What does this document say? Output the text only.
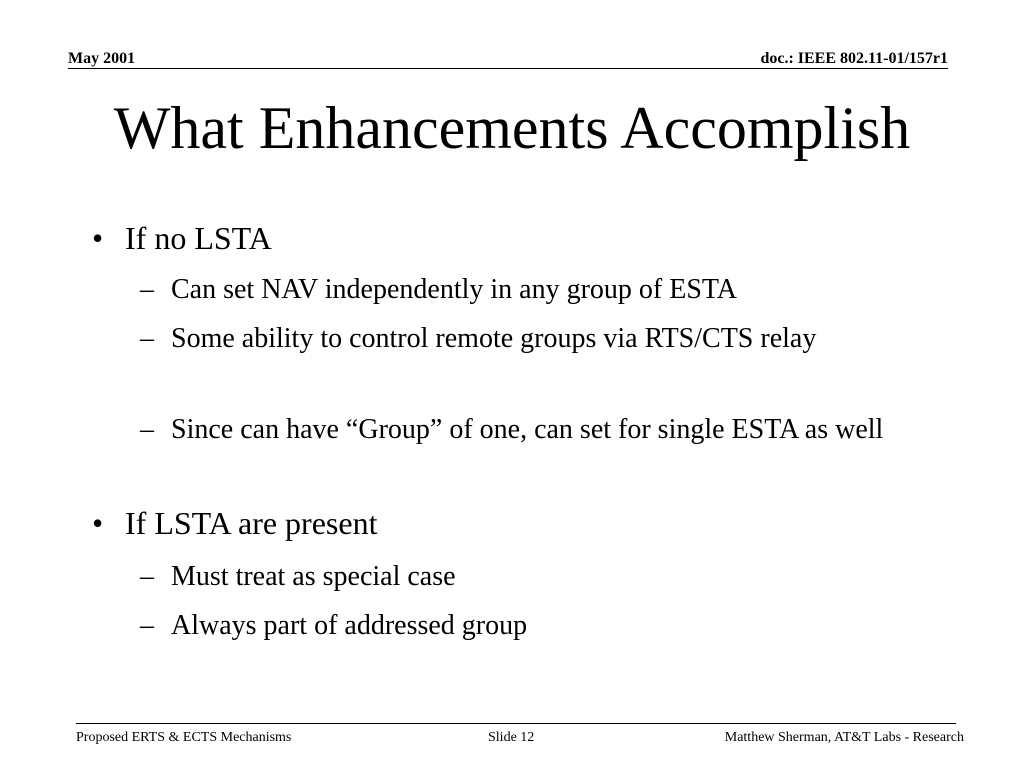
May 2001	doc.: IEEE 802.11-01/157r1
What Enhancements Accomplish
• If no LSTA
– Can set NAV independently in any group of ESTA
– Some ability to control remote groups via RTS/CTS relay
– Since can have “Group” of one, can set for single ESTA as well
• If LSTA are present
– Must treat as special case
– Always part of addressed group
Proposed ERTS & ECTS Mechanisms	Slide 12	Matthew Sherman, AT&T Labs - Research
